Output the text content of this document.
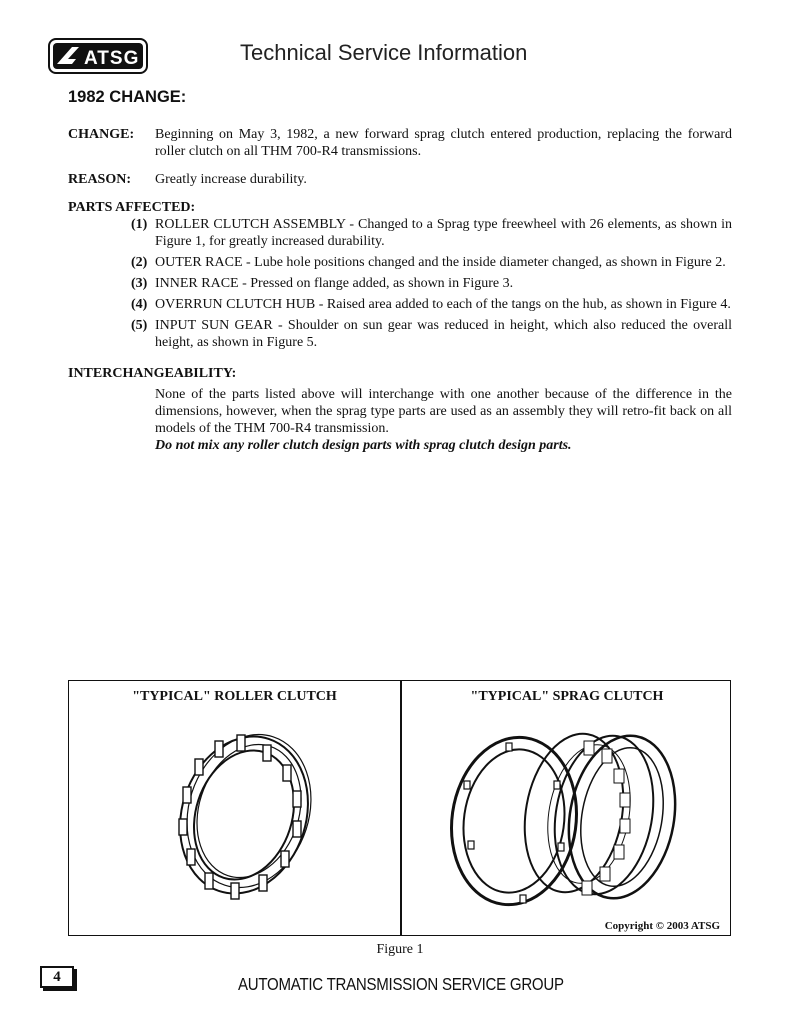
ATSG	Technical Service Information
1982 CHANGE:
CHANGE:	Beginning on May 3, 1982, a new forward sprag clutch entered production, replacing the forward roller clutch on all THM 700-R4 transmissions.
REASON:	Greatly increase durability.
PARTS AFFECTED:
(1) ROLLER CLUTCH ASSEMBLY - Changed to a Sprag type freewheel with 26 elements, as shown in Figure 1, for greatly increased durability.
(2) OUTER RACE - Lube hole positions changed and the inside diameter changed, as shown in Figure 2.
(3) INNER RACE - Pressed on flange added, as shown in Figure 3.
(4) OVERRUN CLUTCH HUB - Raised area added to each of the tangs on the hub, as shown in Figure 4.
(5) INPUT SUN GEAR - Shoulder on sun gear was reduced in height, which also reduced the overall height, as shown in Figure 5.
INTERCHANGEABILITY:
None of the parts listed above will interchange with one another because of the difference in the dimensions, however, when the sprag type parts are used as an assembly they will retro-fit back on all models of the THM 700-R4 transmission.
Do not mix any roller clutch design parts with sprag clutch design parts.
"TYPICAL" ROLLER CLUTCH	"TYPICAL" SPRAG CLUTCH
Copyright © 2003 ATSG
Figure 1
4	AUTOMATIC TRANSMISSION SERVICE GROUP
